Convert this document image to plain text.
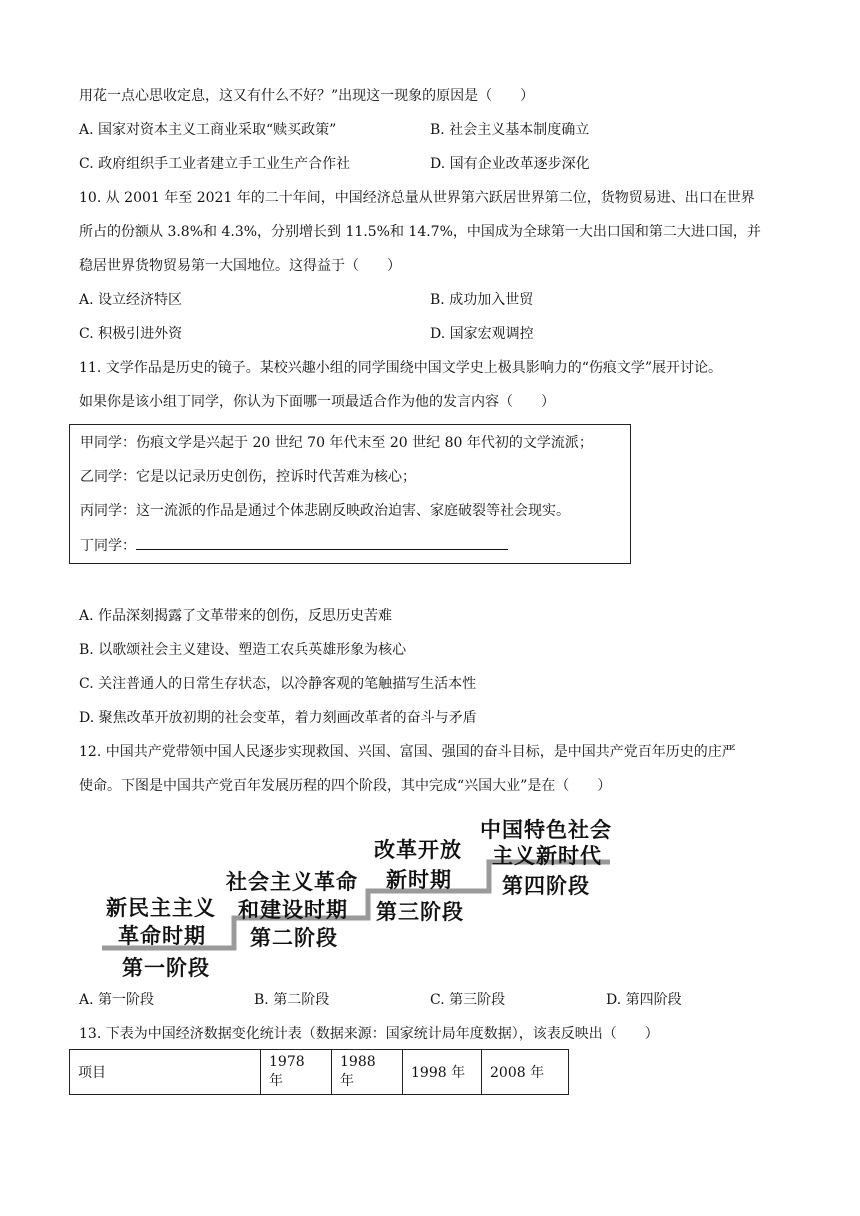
用花一点心思收定息，这又有什么不好？”出现这一现象的原因是（　　）
A. 国家对资本主义工商业采取“赎买政策”	B. 社会主义基本制度确立
C. 政府组织手工业者建立手工业生产合作社	D. 国有企业改革逐步深化
10. 从 2001 年至 2021 年的二十年间，中国经济总量从世界第六跃居世界第二位，货物贸易进、出口在世界
所占的份额从 3.8%和 4.3%，分别增长到 11.5%和 14.7%，中国成为全球第一大出口国和第二大进口国，并
稳居世界货物贸易第一大国地位。这得益于（　　）
A. 设立经济特区	B. 成功加入世贸
C. 积极引进外资	D. 国家宏观调控
11. 文学作品是历史的镜子。某校兴趣小组的同学围绕中国文学史上极具影响力的“伤痕文学”展开讨论。
如果你是该小组丁同学，你认为下面哪一项最适合作为他的发言内容（　　）
甲同学：伤痕文学是兴起于 20 世纪 70 年代末至 20 世纪 80 年代初的文学流派；
乙同学：它是以记录历史创伤，控诉时代苦难为核心；
丙同学：这一流派的作品是通过个体悲剧反映政治迫害、家庭破裂等社会现实。
丁同学：
A. 作品深刻揭露了文革带来的创伤，反思历史苦难
B. 以歌颂社会主义建设、塑造工农兵英雄形象为核心
C. 关注普通人的日常生存状态，以冷静客观的笔触描写生活本性
D. 聚焦改革开放初期的社会变革，着力刻画改革者的奋斗与矛盾
12. 中国共产党带领中国人民逐步实现救国、兴国、富国、强国的奋斗目标，是中国共产党百年历史的庄严
使命。下图是中国共产党百年发展历程的四个阶段，其中完成“兴国大业”是在（　　）
新民主主义
革命时期
第一阶段
社会主义革命
和建设时期
第二阶段
改革开放
新时期
第三阶段
中国特色社会
主义新时代
第四阶段
A. 第一阶段	B. 第二阶段	C. 第三阶段	D. 第四阶段
13. 下表为中国经济数据变化统计表（数据来源：国家统计局年度数据），该表反映出（　　）
项目	1978 年	1988 年	1998 年	2008 年
